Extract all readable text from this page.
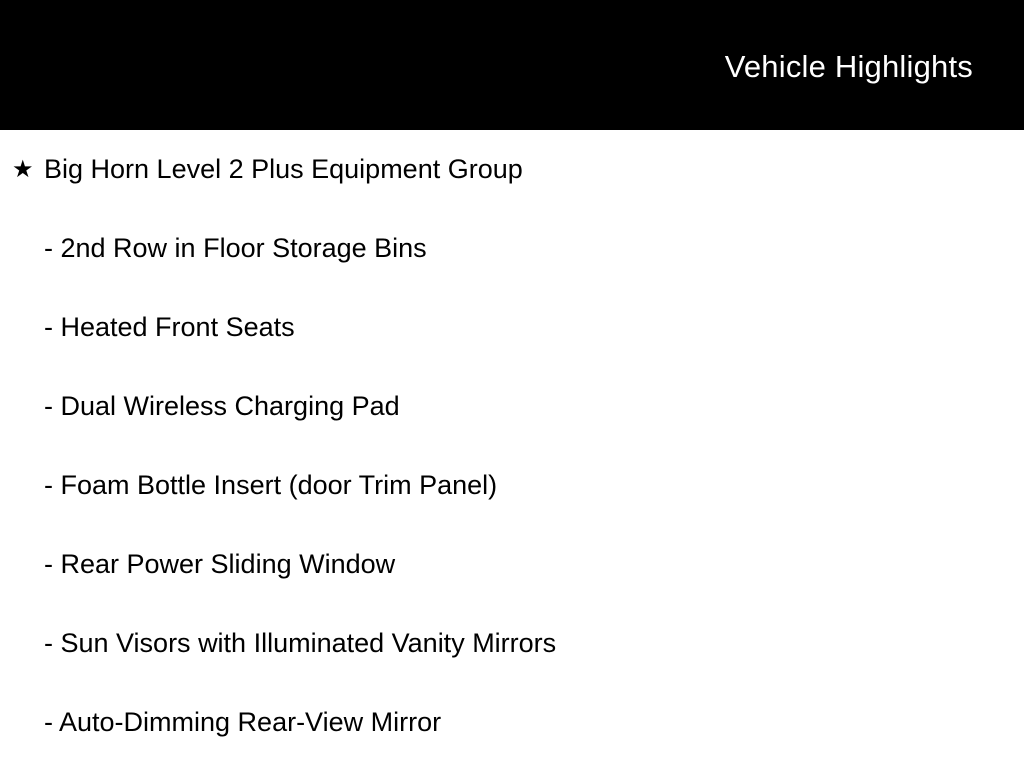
Vehicle Highlights
★ Big Horn Level 2 Plus Equipment Group
- 2nd Row in Floor Storage Bins
- Heated Front Seats
- Dual Wireless Charging Pad
- Foam Bottle Insert (door Trim Panel)
- Rear Power Sliding Window
- Sun Visors with Illuminated Vanity Mirrors
- Auto-Dimming Rear-View Mirror
